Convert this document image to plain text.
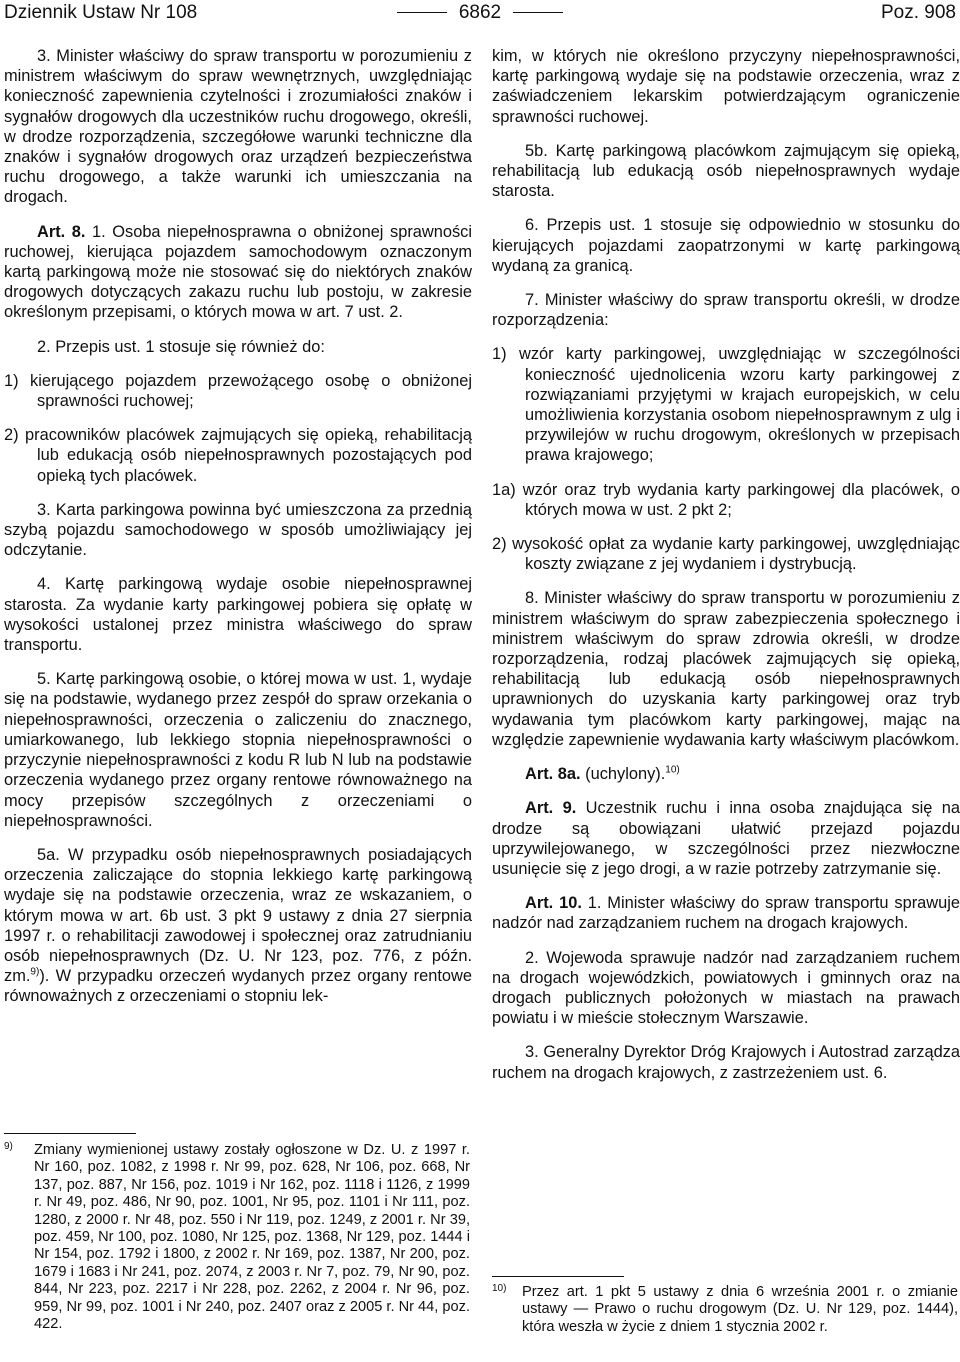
Dziennik Ustaw Nr 108	6862	Poz. 908

3. Minister właściwy do spraw transportu w porozumieniu z ministrem właściwym do spraw wewnętrznych, uwzględniając konieczność zapewnienia czytelności i zrozumiałości znaków i sygnałów drogowych dla uczestników ruchu drogowego, określi, w drodze rozporządzenia, szczegółowe warunki techniczne dla znaków i sygnałów drogowych oraz urządzeń bezpieczeństwa ruchu drogowego, a także warunki ich umieszczania na drogach.

Art. 8. 1. Osoba niepełnosprawna o obniżonej sprawności ruchowej, kierująca pojazdem samochodowym oznaczonym kartą parkingową może nie stosować się do niektórych znaków drogowych dotyczących zakazu ruchu lub postoju, w zakresie określonym przepisami, o których mowa w art. 7 ust. 2.

2. Przepis ust. 1 stosuje się również do:

1) kierującego pojazdem przewożącego osobę o obniżonej sprawności ruchowej;

2) pracowników placówek zajmujących się opieką, rehabilitacją lub edukacją osób niepełnosprawnych pozostających pod opieką tych placówek.

3. Karta parkingowa powinna być umieszczona za przednią szybą pojazdu samochodowego w sposób umożliwiający jej odczytanie.

4. Kartę parkingową wydaje osobie niepełnosprawnej starosta. Za wydanie karty parkingowej pobiera się opłatę w wysokości ustalonej przez ministra właściwego do spraw transportu.

5. Kartę parkingową osobie, o której mowa w ust. 1, wydaje się na podstawie, wydanego przez zespół do spraw orzekania o niepełnosprawności, orzeczenia o zaliczeniu do znacznego, umiarkowanego, lub lekkiego stopnia niepełnosprawności o przyczynie niepełnosprawności z kodu R lub N lub na podstawie orzeczenia wydanego przez organy rentowe równoważnego na mocy przepisów szczególnych z orzeczeniami o niepełnosprawności.

5a. W przypadku osób niepełnosprawnych posiadających orzeczenia zaliczające do stopnia lekkiego kartę parkingową wydaje się na podstawie orzeczenia, wraz ze wskazaniem, o którym mowa w art. 6b ust. 3 pkt 9 ustawy z dnia 27 sierpnia 1997 r. o rehabilitacji zawodowej i społecznej oraz zatrudnianiu osób niepełnosprawnych (Dz. U. Nr 123, poz. 776, z późn. zm.$^{9)}$). W przypadku orzeczeń wydanych przez organy rentowe równoważnych z orzeczeniami o stopniu lek-

kim, w których nie określono przyczyny niepełnosprawności, kartę parkingową wydaje się na podstawie orzeczenia, wraz z zaświadczeniem lekarskim potwierdzającym ograniczenie sprawności ruchowej.

5b. Kartę parkingową placówkom zajmującym się opieką, rehabilitacją lub edukacją osób niepełnosprawnych wydaje starosta.

6. Przepis ust. 1 stosuje się odpowiednio w stosunku do kierujących pojazdami zaopatrzonymi w kartę parkingową wydaną za granicą.

7. Minister właściwy do spraw transportu określi, w drodze rozporządzenia:

1) wzór karty parkingowej, uwzględniając w szczególności konieczność ujednolicenia wzoru karty parkingowej z rozwiązaniami przyjętymi w krajach europejskich, w celu umożliwienia korzystania osobom niepełnosprawnym z ulg i przywilejów w ruchu drogowym, określonych w przepisach prawa krajowego;

1a) wzór oraz tryb wydania karty parkingowej dla placówek, o których mowa w ust. 2 pkt 2;

2) wysokość opłat za wydanie karty parkingowej, uwzględniając koszty związane z jej wydaniem i dystrybucją.

8. Minister właściwy do spraw transportu w porozumieniu z ministrem właściwym do spraw zabezpieczenia społecznego i ministrem właściwym do spraw zdrowia określi, w drodze rozporządzenia, rodzaj placówek zajmujących się opieką, rehabilitacją lub edukacją osób niepełnosprawnych uprawnionych do uzyskania karty parkingowej oraz tryb wydawania tym placówkom karty parkingowej, mając na względzie zapewnienie wydawania karty właściwym placówkom.

Art. 8a. (uchylony).$^{10)}$

Art. 9. Uczestnik ruchu i inna osoba znajdująca się na drodze są obowiązani ułatwić przejazd pojazdu uprzywilejowanego, w szczególności przez niezwłoczne usunięcie się z jego drogi, a w razie potrzeby zatrzymanie się.

Art. 10. 1. Minister właściwy do spraw transportu sprawuje nadzór nad zarządzaniem ruchem na drogach krajowych.

2. Wojewoda sprawuje nadzór nad zarządzaniem ruchem na drogach wojewódzkich, powiatowych i gminnych oraz na drogach publicznych położonych w miastach na prawach powiatu i w mieście stołecznym Warszawie.

3. Generalny Dyrektor Dróg Krajowych i Autostrad zarządza ruchem na drogach krajowych, z zastrzeżeniem ust. 6.

9)	Zmiany wymienionej ustawy zostały ogłoszone w Dz. U. z 1997 r. Nr 160, poz. 1082, z 1998 r. Nr 99, poz. 628, Nr 106, poz. 668, Nr 137, poz. 887, Nr 156, poz. 1019 i Nr 162, poz. 1118 i 1126, z 1999 r. Nr 49, poz. 486, Nr 90, poz. 1001, Nr 95, poz. 1101 i Nr 111, poz. 1280, z 2000 r. Nr 48, poz. 550 i Nr 119, poz. 1249, z 2001 r. Nr 39, poz. 459, Nr 100, poz. 1080, Nr 125, poz. 1368, Nr 129, poz. 1444 i Nr 154, poz. 1792 i 1800, z 2002 r. Nr 169, poz. 1387, Nr 200, poz. 1679 i 1683 i Nr 241, poz. 2074, z 2003 r. Nr 7, poz. 79, Nr 90, poz. 844, Nr 223, poz. 2217 i Nr 228, poz. 2262, z 2004 r. Nr 96, poz. 959, Nr 99, poz. 1001 i Nr 240, poz. 2407 oraz z 2005 r. Nr 44, poz. 422.
10)	Przez art. 1 pkt 5 ustawy z dnia 6 września 2001 r. o zmianie ustawy — Prawo o ruchu drogowym (Dz. U. Nr 129, poz. 1444), która weszła w życie z dniem 1 stycznia 2002 r.
